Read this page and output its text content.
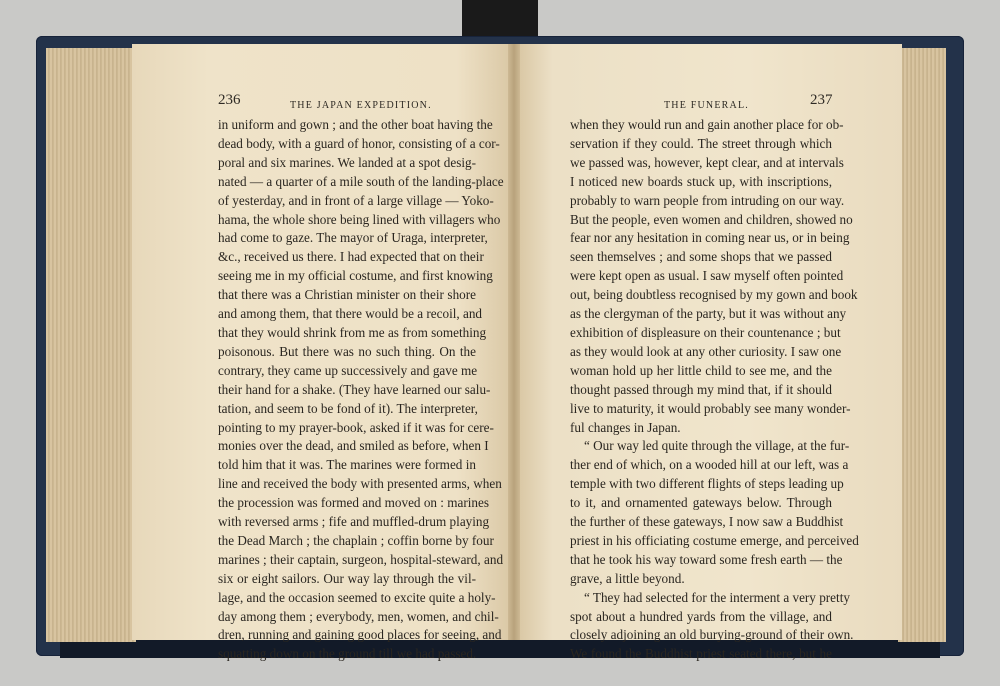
236	THE JAPAN EXPEDITION.	THE FUNERAL.	237
in uniform and gown ; and the other boat having the
dead body, with a guard of honor, consisting of a cor-
poral and six marines. We landed at a spot desig-
nated — a quarter of a mile south of the landing-place
of yesterday, and in front of a large village — Yoko-
hama, the whole shore being lined with villagers who
had come to gaze. The mayor of Uraga, interpreter,
&c., received us there. I had expected that on their
seeing me in my official costume, and first knowing
that there was a Christian minister on their shore
and among them, that there would be a recoil, and
that they would shrink from me as from something
poisonous. But there was no such thing. On the
contrary, they came up successively and gave me
their hand for a shake. (They have learned our salu-
tation, and seem to be fond of it). The interpreter,
pointing to my prayer-book, asked if it was for cere-
monies over the dead, and smiled as before, when I
told him that it was. The marines were formed in
line and received the body with presented arms, when
the procession was formed and moved on : marines
with reversed arms ; fife and muffled-drum playing
the Dead March ; the chaplain ; coffin borne by four
marines ; their captain, surgeon, hospital-steward, and
six or eight sailors. Our way lay through the vil-
lage, and the occasion seemed to excite quite a holy-
day among them ; everybody, men, women, and chil-
dren, running and gaining good places for seeing, and
squatting down on the ground till we had passed.
when they would run and gain another place for ob-
servation if they could. The street through which
we passed was, however, kept clear, and at intervals
I noticed new boards stuck up, with inscriptions,
probably to warn people from intruding on our way.
But the people, even women and children, showed no
fear nor any hesitation in coming near us, or in being
seen themselves ; and some shops that we passed
were kept open as usual. I saw myself often pointed
out, being doubtless recognised by my gown and book
as the clergyman of the party, but it was without any
exhibition of displeasure on their countenance ; but
as they would look at any other curiosity. I saw one
woman hold up her little child to see me, and the
thought passed through my mind that, if it should
live to maturity, it would probably see many wonder-
ful changes in Japan.
“ Our way led quite through the village, at the fur-
ther end of which, on a wooded hill at our left, was a
temple with two different flights of steps leading up
to it, and ornamented gateways below. Through
the further of these gateways, I now saw a Buddhist
priest in his officiating costume emerge, and perceived
that he took his way toward some fresh earth — the
grave, a little beyond.
“ They had selected for the interment a very pretty
spot about a hundred yards from the village, and
closely adjoining an old burying-ground of their own.
We found the Buddhist priest seated there, but he
